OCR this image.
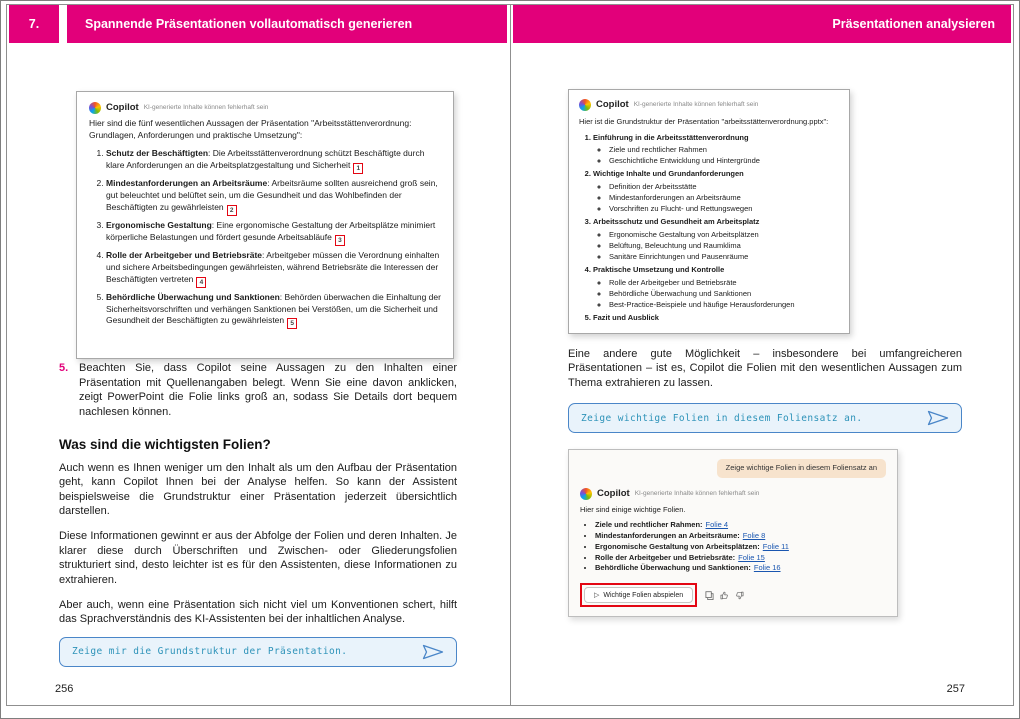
7.	Spannende Präsentationen vollautomatisch generieren	Präsentationen analysieren
Copilot KI-generierte Inhalte können fehlerhaft sein

Hier sind die fünf wesentlichen Aussagen der Präsentation "Arbeitsstättenverordnung: Grundlagen, Anforderungen und praktische Umsetzung":

1. Schutz der Beschäftigten: Die Arbeitsstättenverordnung schützt Beschäftigte durch klare Anforderungen an die Arbeitsplatzgestaltung und Sicherheit 1
2. Mindestanforderungen an Arbeitsräume: Arbeitsräume sollten ausreichend groß sein, gut beleuchtet und belüftet sein, um die Gesundheit und das Wohlbefinden der Beschäftigten zu gewährleisten 2
3. Ergonomische Gestaltung: Eine ergonomische Gestaltung der Arbeitsplätze minimiert körperliche Belastungen und fördert gesunde Arbeitsabläufe 3
4. Rolle der Arbeitgeber und Betriebsräte: Arbeitgeber müssen die Verordnung einhalten und sichere Arbeitsbedingungen gewährleisten, während Betriebsräte die Interessen der Beschäftigten vertreten 4
5. Behördliche Überwachung und Sanktionen: Behörden überwachen die Einhaltung der Sicherheitsvorschriften und verhängen Sanktionen bei Verstößen, um die Sicherheit und Gesundheit der Beschäftigten zu gewährleisten 5
5. Beachten Sie, dass Copilot seine Aussagen zu den Inhalten einer Präsentation mit Quellenangaben belegt. Wenn Sie eine davon anklicken, zeigt PowerPoint die Folie links groß an, sodass Sie Details dort bequem nachlesen können.
Was sind die wichtigsten Folien?

Auch wenn es Ihnen weniger um den Inhalt als um den Aufbau der Präsentation geht, kann Copilot Ihnen bei der Analyse helfen. So kann der Assistent beispielsweise die Grundstruktur einer Präsentation jederzeit übersichtlich darstellen.

Diese Informationen gewinnt er aus der Abfolge der Folien und deren Inhalten. Je klarer diese durch Überschriften und Zwischen- oder Gliederungsfolien strukturiert sind, desto leichter ist es für den Assistenten, diese Informationen zu extrahieren.

Aber auch, wenn eine Präsentation sich nicht viel um Konventionen schert, hilft das Sprachverständnis des KI-Assistenten bei der inhaltlichen Analyse.

Zeige mir die Grundstruktur der Präsentation.
256
Copilot KI-generierte Inhalte können fehlerhaft sein

Hier ist die Grundstruktur der Präsentation "arbeitsstättenverordnung.pptx":

1. Einführung in die Arbeitsstättenverordnung
◦ Ziele und rechtlicher Rahmen
◦ Geschichtliche Entwicklung und Hintergründe
2. Wichtige Inhalte und Grundanforderungen
◦ Definition der Arbeitsstätte
◦ Mindestanforderungen an Arbeitsräume
◦ Vorschriften zu Flucht- und Rettungswegen
3. Arbeitsschutz und Gesundheit am Arbeitsplatz
◦ Ergonomische Gestaltung von Arbeitsplätzen
◦ Belüftung, Beleuchtung und Raumklima
◦ Sanitäre Einrichtungen und Pausenräume
4. Praktische Umsetzung und Kontrolle
◦ Rolle der Arbeitgeber und Betriebsräte
◦ Behördliche Überwachung und Sanktionen
◦ Best-Practice-Beispiele und häufige Herausforderungen
5. Fazit und Ausblick

Eine andere gute Möglichkeit – insbesondere bei umfangreicheren Präsentationen – ist es, Copilot die Folien mit den wesentlichen Aussagen zum Thema extrahieren zu lassen.

Zeige wichtige Folien in diesem Foliensatz an.
Zeige wichtige Folien in diesem Foliensatz an
Copilot KI-generierte Inhalte können fehlerhaft sein

Hier sind einige wichtige Folien.

• Ziele und rechtlicher Rahmen: Folie 4
• Mindestanforderungen an Arbeitsräume: Folie 8
• Ergonomische Gestaltung von Arbeitsplätzen: Folie 11
• Rolle der Arbeitgeber und Betriebsräte: Folie 15
• Behördliche Überwachung und Sanktionen: Folie 16
▷ Wichtige Folien abspielen
257
